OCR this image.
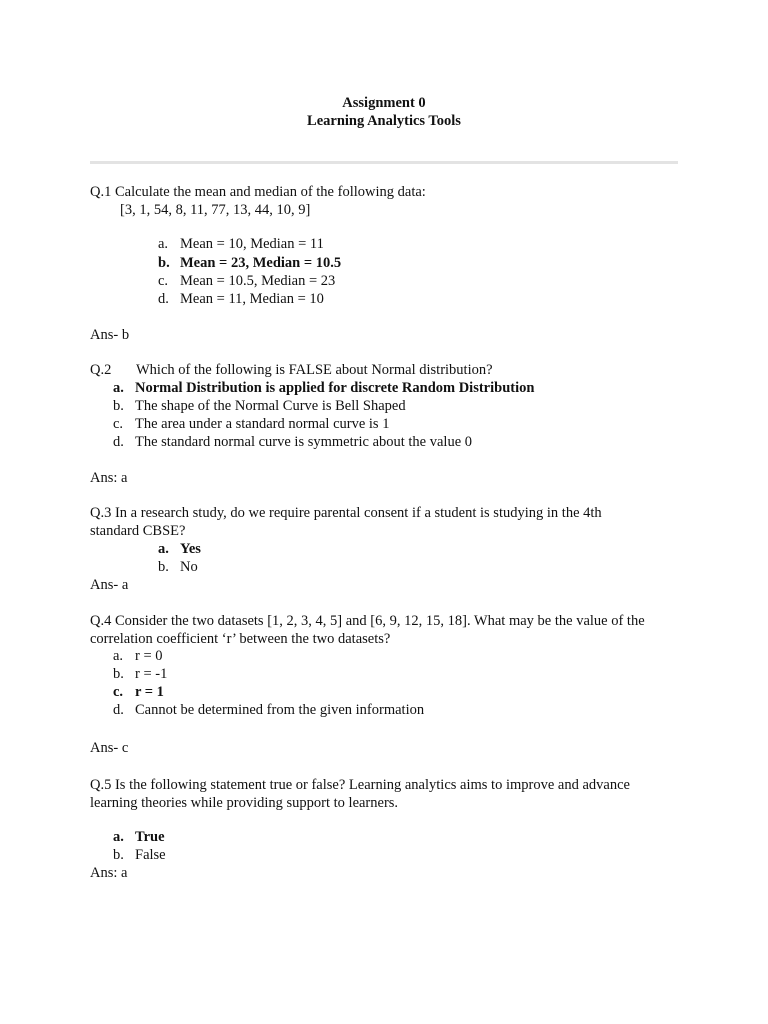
Assignment 0
Learning Analytics Tools
Q.1 Calculate the mean and median of the following data:
[3, 1, 54, 8, 11, 77, 13, 44, 10, 9]
a. Mean = 10, Median = 11
b. Mean = 23, Median = 10.5
c. Mean = 10.5, Median = 23
d. Mean = 11, Median = 10
Ans- b
Q.2 Which of the following is FALSE about Normal distribution?
a. Normal Distribution is applied for discrete Random Distribution
b. The shape of the Normal Curve is Bell Shaped
c. The area under a standard normal curve is 1
d. The standard normal curve is symmetric about the value 0
Ans: a
Q.3 In a research study, do we require parental consent if a student is studying in the 4th
standard CBSE?
a. Yes
b. No
Ans- a
Q.4 Consider the two datasets [1, 2, 3, 4, 5] and [6, 9, 12, 15, 18]. What may be the value of the
correlation coefficient ‘r’ between the two datasets?
a. r = 0
b. r = -1
c. r = 1
d. Cannot be determined from the given information
Ans- c
Q.5 Is the following statement true or false? Learning analytics aims to improve and advance
learning theories while providing support to learners.
a. True
b. False
Ans: a
